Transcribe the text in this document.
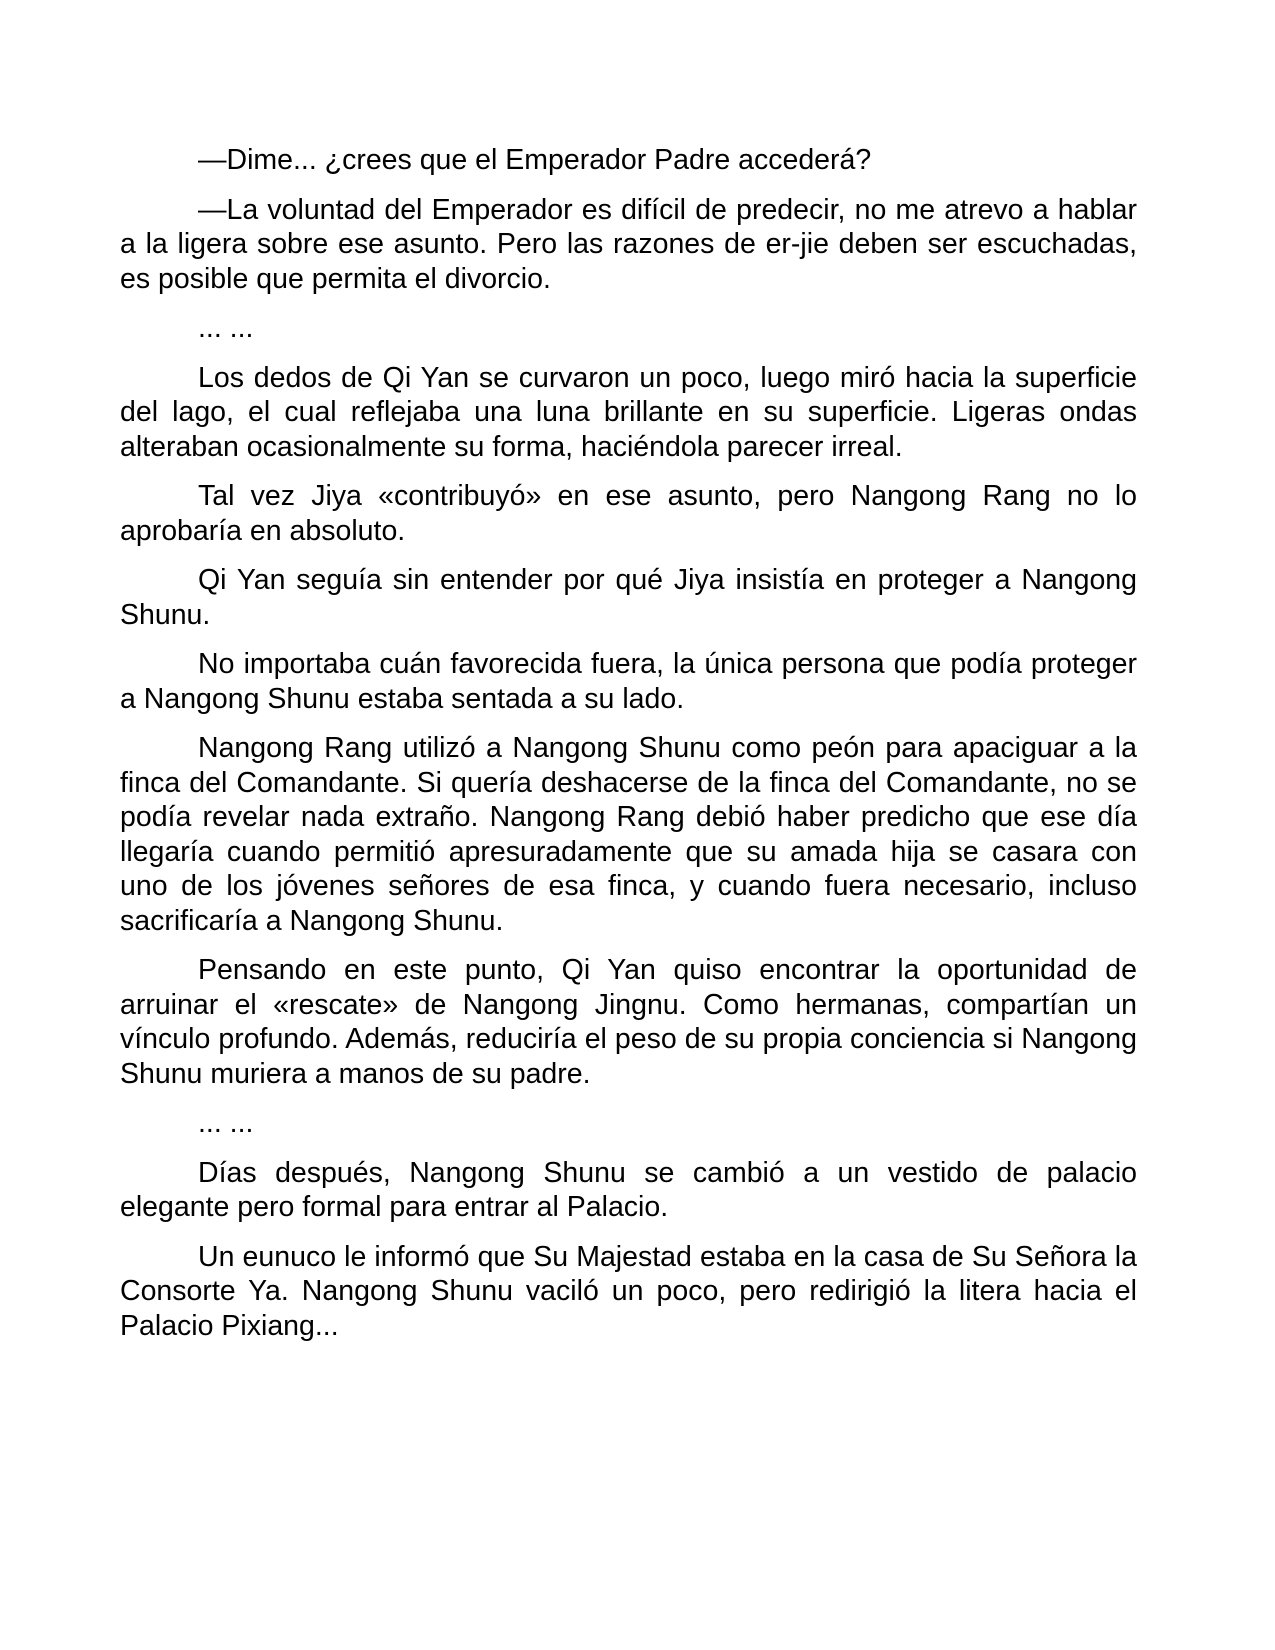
—Dime... ¿crees que el Emperador Padre accederá?

—La voluntad del Emperador es difícil de predecir, no me atrevo a hablar a la ligera sobre ese asunto. Pero las razones de er-jie deben ser escuchadas, es posible que permita el divorcio.

... ...

Los dedos de Qi Yan se curvaron un poco, luego miró hacia la superficie del lago, el cual reflejaba una luna brillante en su superficie. Ligeras ondas alteraban ocasionalmente su forma, haciéndola parecer irreal.

Tal vez Jiya «contribuyó» en ese asunto, pero Nangong Rang no lo aprobaría en absoluto.

Qi Yan seguía sin entender por qué Jiya insistía en proteger a Nangong Shunu.

No importaba cuán favorecida fuera, la única persona que podía proteger a Nangong Shunu estaba sentada a su lado.

Nangong Rang utilizó a Nangong Shunu como peón para apaciguar a la finca del Comandante. Si quería deshacerse de la finca del Comandante, no se podía revelar nada extraño. Nangong Rang debió haber predicho que ese día llegaría cuando permitió apresuradamente que su amada hija se casara con uno de los jóvenes señores de esa finca, y cuando fuera necesario, incluso sacrificaría a Nangong Shunu.

Pensando en este punto, Qi Yan quiso encontrar la oportunidad de arruinar el «rescate» de Nangong Jingnu. Como hermanas, compartían un vínculo profundo. Además, reduciría el peso de su propia conciencia si Nangong Shunu muriera a manos de su padre.

... ...

Días después, Nangong Shunu se cambió a un vestido de palacio elegante pero formal para entrar al Palacio.

Un eunuco le informó que Su Majestad estaba en la casa de Su Señora la Consorte Ya. Nangong Shunu vaciló un poco, pero redirigió la litera hacia el Palacio Pixiang...
